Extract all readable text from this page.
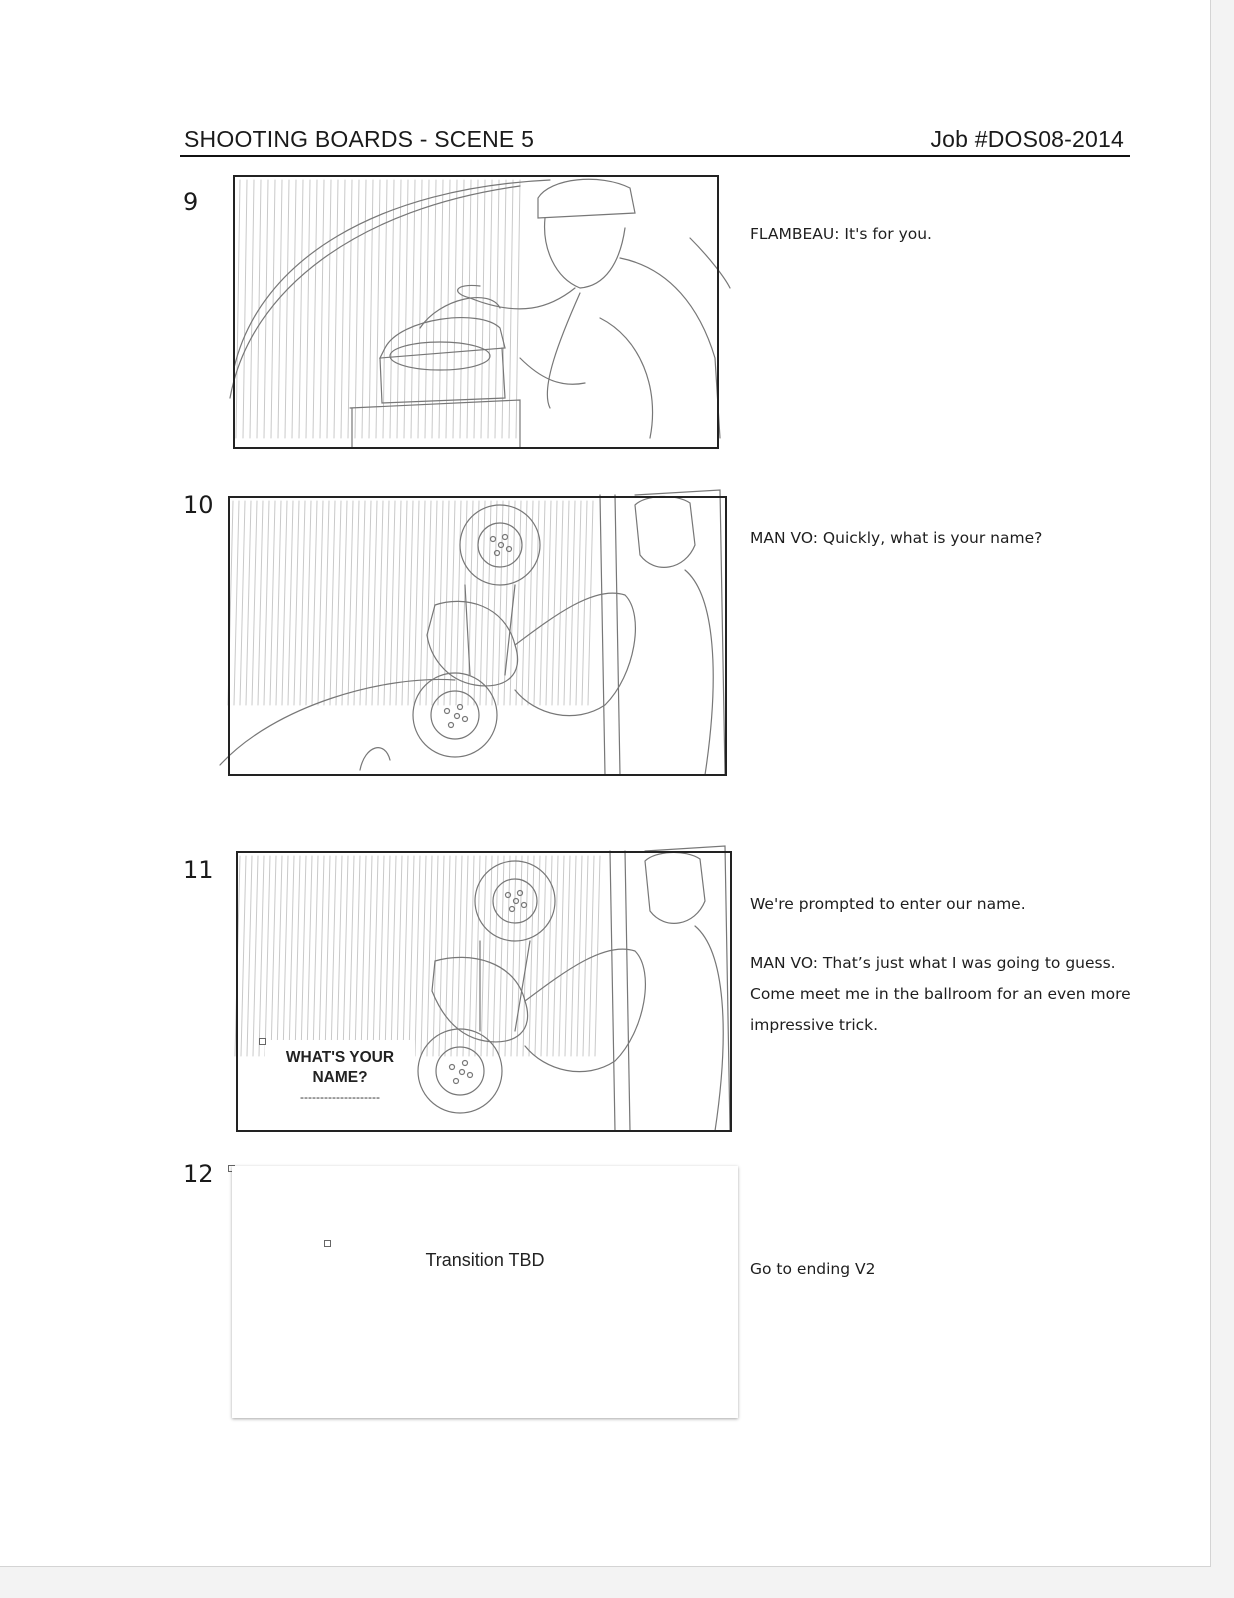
SHOOTING BOARDS - SCENE 5	Job #DOS08-2014
9

FLAMBEAU: It's for you.

10

MAN VO: Quickly, what is your name?

11
WHAT'S YOUR NAME?
--------------------

We're prompted to enter our name.

MAN VO: That’s just what I was going to guess. Come meet me in the ballroom for an even more impressive trick.

12
Transition TBD	Go to ending V2
